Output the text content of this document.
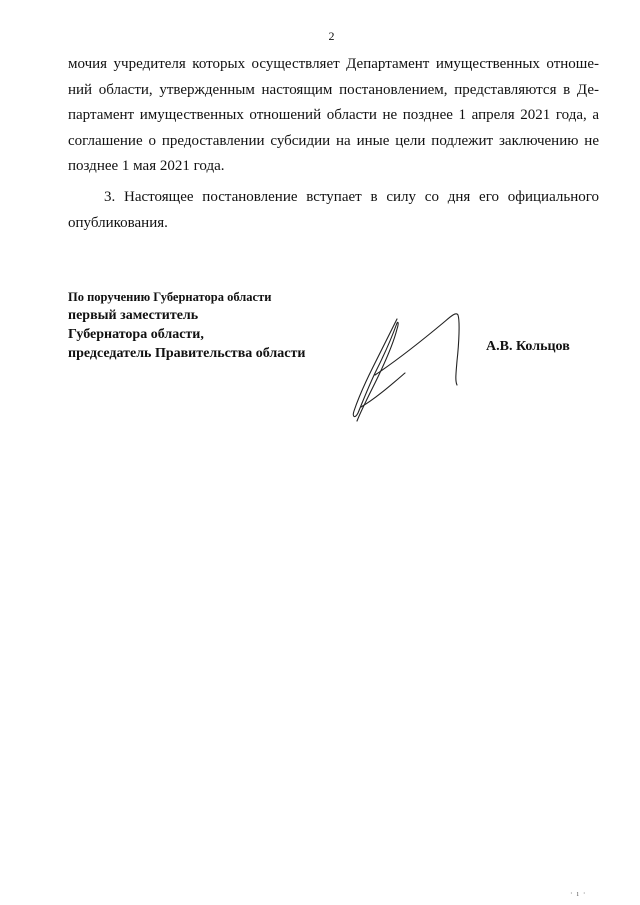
2
мочия учредителя которых осуществляет Департамент имущественных отноше-
ний области, утвержденным настоящим постановлением, представляются в Де-
партамент имущественных отношений области не позднее 1 апреля 2021 года, а
соглашение о предоставлении субсидии на иные цели подлежит заключению не
позднее 1 мая 2021 года.
3. Настоящее постановление вступает в силу со дня его официального
опубликования.
По поручению Губернатора области
первый заместитель
Губернатора области,
председатель Правительства области	А.В. Кольцов
· ı ·
